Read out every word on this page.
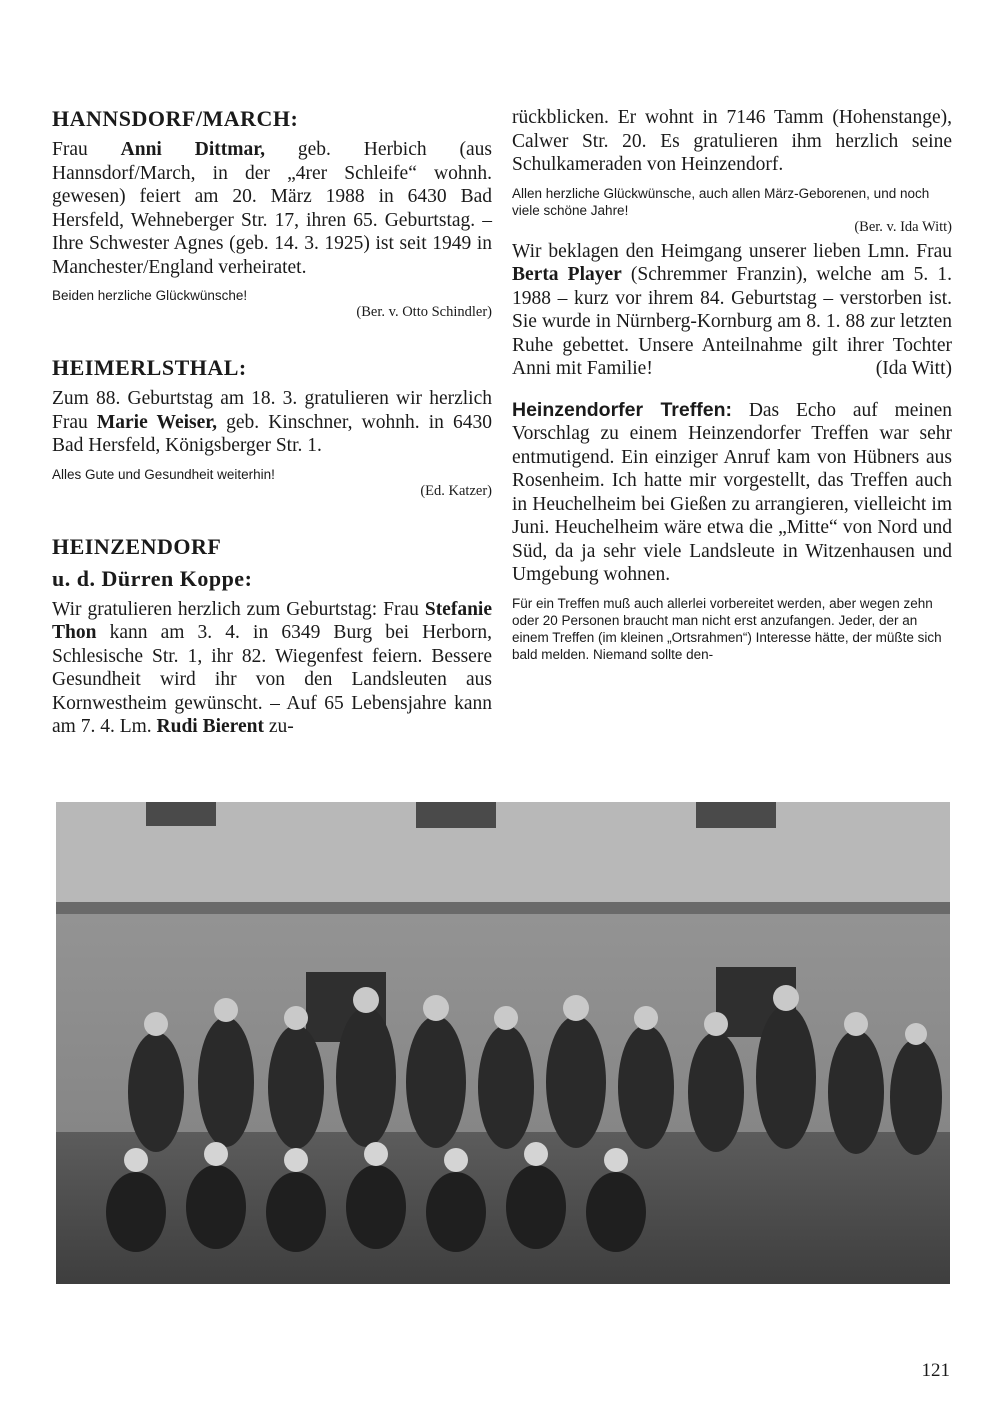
HANNSDORF/MARCH:

Frau Anni Dittmar, geb. Herbich (aus Hannsdorf/March, in der „4rer Schleife“ wohnh. gewesen) feiert am 20. März 1988 in 6430 Bad Hersfeld, Wehneberger Str. 17, ihren 65. Geburtstag. – Ihre Schwester Agnes (geb. 14. 3. 1925) ist seit 1949 in Manchester/England verheiratet.

Beiden herzliche Glückwünsche!

(Ber. v. Otto Schindler)

HEIMERLSTHAL:

Zum 88. Geburtstag am 18. 3. gratulieren wir herzlich Frau Marie Weiser, geb. Kinschner, wohnh. in 6430 Bad Hersfeld, Königsberger Str. 1.

Alles Gute und Gesundheit weiterhin!

(Ed. Katzer)

HEINZENDORF
u. d. Dürren Koppe:

Wir gratulieren herzlich zum Geburtstag: Frau Stefanie Thon kann am 3. 4. in 6349 Burg bei Herborn, Schlesische Str. 1, ihr 82. Wiegenfest feiern. Bessere Gesundheit wird ihr von den Landsleuten aus Kornwestheim gewünscht. – Auf 65 Lebensjahre kann am 7. 4. Lm. Rudi Bierent zu-

rückblicken. Er wohnt in 7146 Tamm (Hohenstange), Calwer Str. 20. Es gratulieren ihm herzlich seine Schulkameraden von Heinzendorf.

Allen herzliche Glückwünsche, auch allen März-Geborenen, und noch viele schöne Jahre!

(Ber. v. Ida Witt)

Wir beklagen den Heimgang unserer lieben Lmn. Frau Berta Player (Schremmer Franzin), welche am 5. 1. 1988 – kurz vor ihrem 84. Geburtstag – verstorben ist. Sie wurde in Nürnberg-Kornburg am 8. 1. 88 zur letzten Ruhe gebettet. Unsere Anteilnahme gilt ihrer Tochter Anni mit Familie!	(Ida Witt)

Heinzendorfer Treffen: Das Echo auf meinen Vorschlag zu einem Heinzendorfer Treffen war sehr entmutigend. Ein einziger Anruf kam von Hübners aus Rosenheim. Ich hatte mir vorgestellt, das Treffen auch in Heuchelheim bei Gießen zu arrangieren, vielleicht im Juni. Heuchelheim wäre etwa die „Mitte“ von Nord und Süd, da ja sehr viele Landsleute in Witzenhausen und Umgebung wohnen.

Für ein Treffen muß auch allerlei vorbereitet werden, aber wegen zehn oder 20 Personen braucht man nicht erst anzufangen. Jeder, der an einem Treffen (im kleinen „Ortsrahmen“) Interesse hätte, der müßte sich bald melden. Niemand sollte den-

121
